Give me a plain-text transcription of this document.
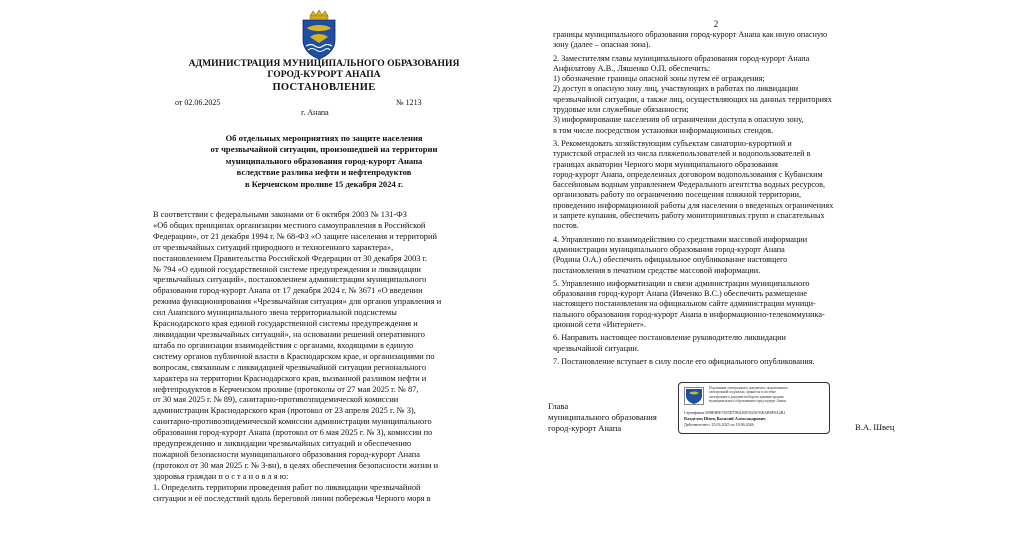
АДМИНИСТРАЦИЯ МУНИЦИПАЛЬНОГО ОБРАЗОВАНИЯ
ГОРОД-КУРОРТ АНАПА
ПОСТАНОВЛЕНИЕ
от 02.06.2025	№ 1213
г. Анапа
Об отдельных мероприятиях по защите населения
от чрезвычайной ситуации, произошедшей на территории
муниципального образования город-курорт Анапа
вследствие разлива нефти и нефтепродуктов
в Керченском проливе 15 декабря 2024 г.
В соответствии с федеральными законами от 6 октября 2003 № 131-ФЗ
«Об общих принципах организации местного самоуправления в Российской
Федерации», от 21 декабря 1994 г. № 68-ФЗ «О защите населения и территорий
от чрезвычайных ситуаций природного и техногенного характера»,
постановлением Правительства Российской Федерации от 30 декабря 2003 г.
№ 794 «О единой государственной системе предупреждения и ликвидации
чрезвычайных ситуаций», постановлением администрации муниципального
образования город-курорт Анапа от 17 декабря 2024 г. № 3671 «О введении
режима функционирования «Чрезвычайная ситуация» для органов управления и
сил Анапского муниципального звена территориальной подсистемы
Краснодарского края единой государственной системы предупреждения и
ликвидации чрезвычайных ситуаций», на основании решений оперативного
штаба по организации взаимодействия с органами, входящими в единую
систему органов публичной власти в Краснодарском крае, и организациями по
вопросам, связанным с ликвидацией чрезвычайной ситуации регионального
характера на территории Краснодарского края, вызванной разливом нефти и
нефтепродуктов в Керченском проливе (протоколы от 27 мая 2025 г. № 87,
от 30 мая 2025 г. № 89), санитарно-противоэпидемической комиссии
администрации Краснодарского края (протокол от 23 апреля 2025 г. № 3),
санитарно-противоэпидемической комиссии администрации муниципального
образования город-курорт Анапа (протокол от 6 мая 2025 г. № 3), комиссии по
предупреждению и ликвидации чрезвычайных ситуаций и обеспечению
пожарной безопасности муниципального образования город-курорт Анапа
(протокол от 30 мая 2025 г. № 3-вн), в целях обеспечения безопасности жизни и
здоровья граждан п о с т а н о в л я ю:
1. Определить территории проведения работ по ликвидации чрезвычайной
ситуации и её последствий вдоль береговой линии побережья Черного моря в
2
границы муниципального образования город-курорт Анапа как иную опасную
зону (далее – опасная зона).
2. Заместителям главы муниципального образования город-курорт Анапа
Анфилатову А.В., Ляшенко О.П. обеспечить:
1) обозначение границы опасной зоны путем её ограждения;
2) доступ в опасную зону лиц, участвующих в работах по ликвидации
чрезвычайной ситуации, а также лиц, осуществляющих на данных территориях
трудовые или служебные обязанности;
3) информирование населения об ограничении доступа в опасную зону,
в том числе посредством установки информационных стендов.
3. Рекомендовать хозяйствующим субъектам санаторно-курортной и
туристской отраслей из числа пляжепользователей и водопользователей в
границах акватории Черного моря муниципального образования
город-курорт Анапа, определенных договором водопользования с Кубанским
бассейновым водным управлением Федерального агентства водных ресурсов,
организовать работу по ограничению посещения пляжной территории,
проведению информационной работы для населения о введенных ограничениях
и запрете купания, обеспечить работу мониторинговых групп и спасательных
постов.
4. Управлению по взаимодействию со средствами массовой информации
администрации муниципального образования город-курорт Анапа
(Родина О.А.) обеспечить официальное опубликование настоящего
постановления в печатном средстве массовой информации.
5. Управлению информатизации и связи администрации муниципального
образования город-курорт Анапа (Ивченко В.С.) обеспечить размещение
настоящего постановления на официальном сайте администрации муници-
пального образования город-курорт Анапа в информационно-телекоммуника-
ционной сети «Интернет».
6. Направить настоящее постановление руководителю ликвидации
чрезвычайной ситуации.
7. Постановление вступает в силу после его официального опубликования.
Глава
муниципального образования
город-курорт Анапа	В.А. Швец
Подлинник электронного документа, подписанного
электронной подписью, хранится в системе
электронного документооборота администрации
муниципального образования город-курорт Анапа
Сертификат 00BEB9E7655D798A26F3520193EAB8F6A2B1
Владелец Швец Василий Александрович
Действителен с 25.03.2025 по 18.06.2026
